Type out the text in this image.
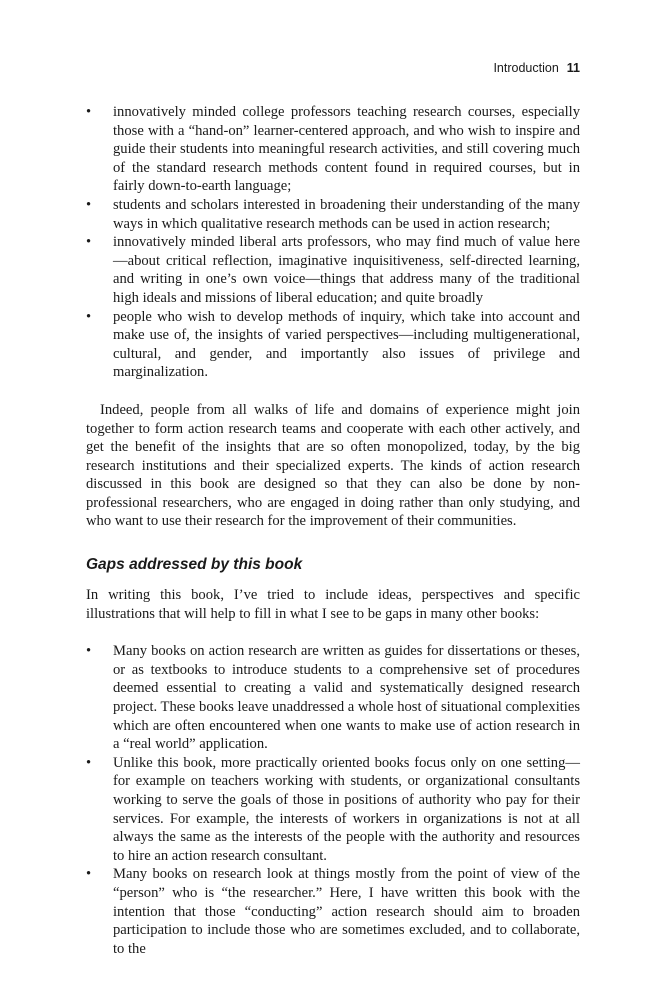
Introduction 11
•	innovatively minded college professors teaching research courses, especially those with a “hand-on” learner-centered approach, and who wish to inspire and guide their students into meaningful research activities, and still covering much of the standard research methods content found in required courses, but in fairly down-to-earth language;
•	students and scholars interested in broadening their understanding of the many ways in which qualitative research methods can be used in action research;
•	innovatively minded liberal arts professors, who may find much of value here—about critical reflection, imaginative inquisitiveness, self-directed learning, and writing in one’s own voice—things that address many of the traditional high ideals and missions of liberal education; and quite broadly
•	people who wish to develop methods of inquiry, which take into account and make use of, the insights of varied perspectives—including multigenerational, cultural, and gender, and importantly also issues of privilege and marginalization.

Indeed, people from all walks of life and domains of experience might join together to form action research teams and cooperate with each other actively, and get the benefit of the insights that are so often monopolized, today, by the big research institutions and their specialized experts. The kinds of action research discussed in this book are designed so that they can also be done by non-professional researchers, who are engaged in doing rather than only studying, and who want to use their research for the improvement of their communities.

Gaps addressed by this book

In writing this book, I’ve tried to include ideas, perspectives and specific illustrations that will help to fill in what I see to be gaps in many other books:

•	Many books on action research are written as guides for dissertations or theses, or as textbooks to introduce students to a comprehensive set of procedures deemed essential to creating a valid and systematically designed research project. These books leave unaddressed a whole host of situational complexities which are often encountered when one wants to make use of action research in a “real world” application.
•	Unlike this book, more practically oriented books focus only on one setting—for example on teachers working with students, or organizational consultants working to serve the goals of those in positions of authority who pay for their services. For example, the interests of workers in organizations is not at all always the same as the interests of the people with the authority and resources to hire an action research consultant.
•	Many books on research look at things mostly from the point of view of the “person” who is “the researcher.” Here, I have written this book with the intention that those “conducting” action research should aim to broaden participation to include those who are sometimes excluded, and to collaborate, to the
